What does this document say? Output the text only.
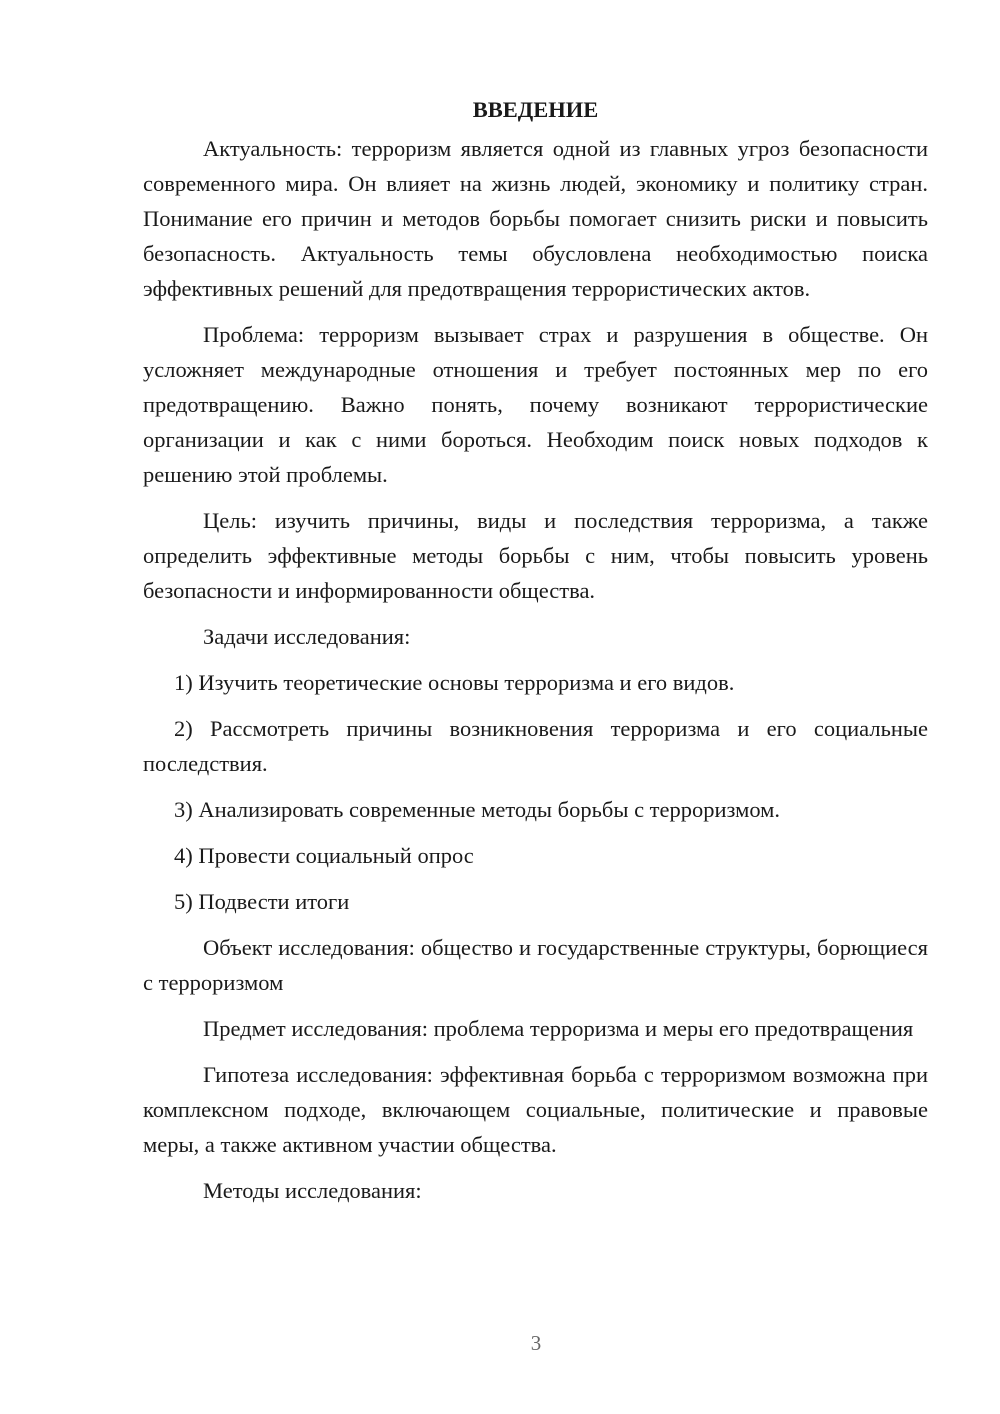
ВВЕДЕНИЕ

Актуальность: терроризм является одной из главных угроз безопасности современного мира. Он влияет на жизнь людей, экономику и политику стран. Понимание его причин и методов борьбы помогает снизить риски и повысить безопасность. Актуальность темы обусловлена необходимостью поиска эффективных решений для предотвращения террористических актов.

Проблема: терроризм вызывает страх и разрушения в обществе. Он усложняет международные отношения и требует постоянных мер по его предотвращению. Важно понять, почему возникают террористические организации и как с ними бороться. Необходим поиск новых подходов к решению этой проблемы.

Цель: изучить причины, виды и последствия терроризма, а также определить эффективные методы борьбы с ним, чтобы повысить уровень безопасности и информированности общества.

Задачи исследования:

1) Изучить теоретические основы терроризма и его видов.

2) Рассмотреть причины возникновения терроризма и его социальные последствия.

3) Анализировать современные методы борьбы с терроризмом.

4) Провести социальный опрос

5) Подвести итоги

Объект исследования: общество и государственные структуры, борющиеся с терроризмом

Предмет исследования: проблема терроризма и меры его предотвращения

Гипотеза исследования: эффективная борьба с терроризмом возможна при комплексном подходе, включающем социальные, политические и правовые меры, а также активном участии общества.

Методы исследования:

3
